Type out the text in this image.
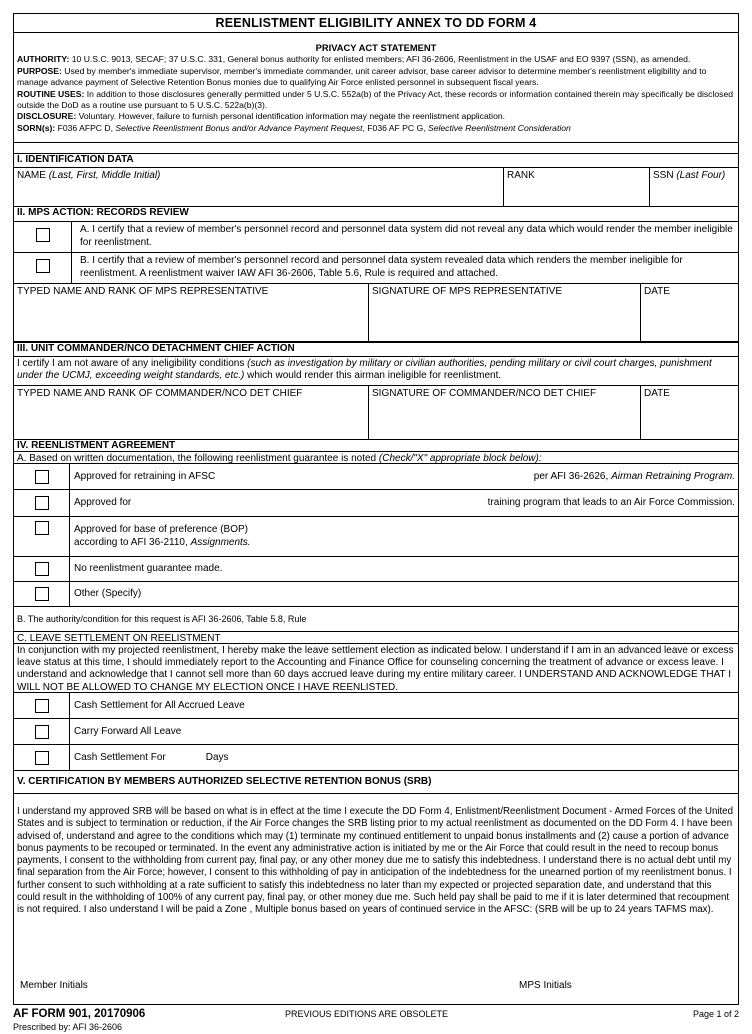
REENLISTMENT ELIGIBILITY ANNEX TO DD FORM 4
PRIVACY ACT STATEMENT
AUTHORITY: 10 U.S.C. 9013, SECAF; 37 U.S.C. 331, General bonus authority for enlisted members; AFI 36-2606, Reenlistment in the USAF and EO 9397 (SSN), as amended.
PURPOSE: Used by member's immediate supervisor, member's immediate commander, unit career advisor, base career advisor to determine member's reenlistment eligibility and to manage advance payment of Selective Retention Bonus monies due to qualifying Air Force enlisted personnel in subsequent fiscal years.
ROUTINE USES: In addition to those disclosures generally permitted under 5 U.S.C. 552a(b) of the Privacy Act, these records or information contained therein may specifically be disclosed outside the DoD as a routine use pursuant to 5 U.S.C. 522a(b)(3).
DISCLOSURE: Voluntary. However, failure to furnish personal identification information may negate the reenlistment application.
SORN(s): F036 AFPC D, Selective Reenlistment Bonus and/or Advance Payment Request, F036 AF PC G, Selective Reenlistment Consideration
I. IDENTIFICATION DATA
NAME (Last, First, Middle Initial)	RANK	SSN (Last Four)
II. MPS ACTION: RECORDS REVIEW
A. I certify that a review of member's personnel record and personnel data system did not reveal any data which would render the member ineligible for reenlistment.
B. I certify that a review of member's personnel record and personnel data system revealed data which renders the member ineligible for reenlistment. A reenlistment waiver IAW AFI 36-2606, Table 5.6, Rule is required and attached.
TYPED NAME AND RANK OF MPS REPRESENTATIVE	SIGNATURE OF MPS REPRESENTATIVE	DATE
III. UNIT COMMANDER/NCO DETACHMENT CHIEF ACTION
I certify I am not aware of any ineligibility conditions (such as investigation by military or civilian authorities, pending military or civil court charges, punishment under the UCMJ, exceeding weight standards, etc.) which would render this airman ineligible for reenlistment.
TYPED NAME AND RANK OF COMMANDER/NCO DET CHIEF	SIGNATURE OF COMMANDER/NCO DET CHIEF	DATE
IV. REENLISTMENT AGREEMENT
A. Based on written documentation, the following reenlistment guarantee is noted (Check/"X" appropriate block below):
Approved for retraining in AFSC	per AFI 36-2626, Airman Retraining Program.
Approved for	training program that leads to an Air Force Commission.
Approved for base of preference (BOP)
according to AFI 36-2110, Assignments.
No reenlistment guarantee made.
Other (Specify)
B. The authority/condition for this request is AFI 36-2606, Table 5.8, Rule
C. LEAVE SETTLEMENT ON REELISTMENT
In conjunction with my projected reenlistment, I hereby make the leave settlement election as indicated below. I understand if I am in an advanced leave or excess leave status at this time, I should immediately report to the Accounting and Finance Office for counseling concerning the treatment of advance or excess leave. I understand and acknowledge that I cannot sell more than 60 days accrued leave during my entire military career. I UNDERSTAND AND ACKNOWLEDGE THAT I WILL NOT BE ALLOWED TO CHANGE MY ELECTION ONCE I HAVE REENLISTED.
Cash Settlement for All Accrued Leave
Carry Forward All Leave
Cash Settlement For	Days
V. CERTIFICATION BY MEMBERS AUTHORIZED SELECTIVE RETENTION BONUS (SRB)
I understand my approved SRB will be based on what is in effect at the time I execute the DD Form 4, Enlistment/Reenlistment Document - Armed Forces of the United States and is subject to termination or reduction, if the Air Force changes the SRB listing prior to my actual reenlistment as documented on the DD Form 4. I have been advised of, understand and agree to the conditions which may (1) terminate my continued entitlement to unpaid bonus installments and (2) cause a portion of advance bonus payments to be recouped or terminated. In the event any administrative action is initiated by me or the Air Force that could result in the need to recoup bonus payments, I consent to the withholding from current pay, final pay, or any other money due me to satisfy this indebtedness. I understand there is no actual debt until my final separation from the Air Force; however, I consent to this withholding of pay in anticipation of the indebtedness for the unearned portion of my reenlistment bonus. I further consent to such withholding at a rate sufficient to satisfy this indebtedness no later than my expected or projected separation date, and understand that this could result in the withholding of 100% of any current pay, final pay, or other money due me. Such held pay shall be paid to me if it is later determined that recoupment is not required. I also understand I will be paid a Zone , Multiple bonus based on years of continued service in the AFSC: (SRB will be up to 24 years TAFMS max).
Member Initials	MPS Initials
AF FORM 901, 20170906
Prescribed by: AFI 36-2606
PREVIOUS EDITIONS ARE OBSOLETE	Page 1 of 2
